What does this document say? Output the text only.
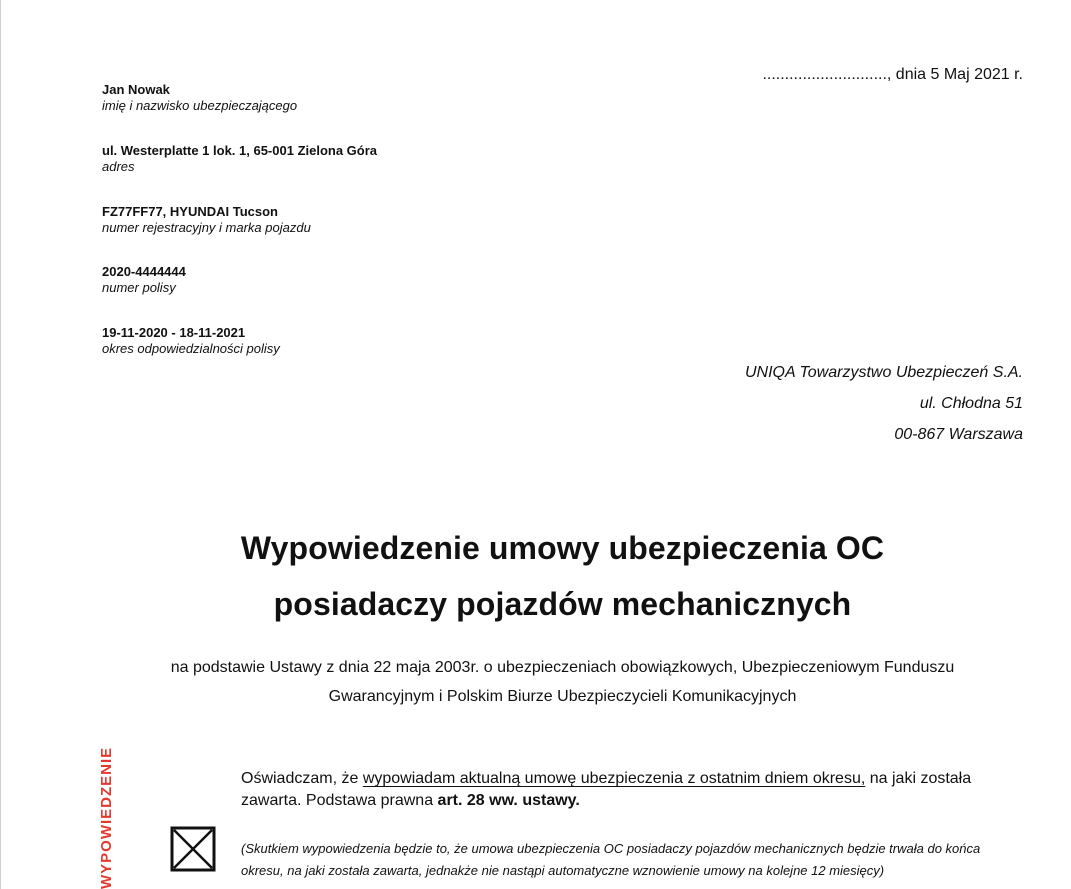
............................, dnia 5 Maj 2021 r.
Jan Nowak
imię i nazwisko ubezpieczającego
ul. Westerplatte 1 lok. 1, 65-001 Zielona Góra
adres
FZ77FF77, HYUNDAI Tucson
numer rejestracyjny i marka pojazdu
2020-4444444
numer polisy
19-11-2020 - 18-11-2021
okres odpowiedzialności polisy
UNIQA Towarzystwo Ubezpieczeń S.A.
ul. Chłodna 51
00-867 Warszawa
Wypowiedzenie umowy ubezpieczenia OC
posiadaczy pojazdów mechanicznych
na podstawie Ustawy z dnia 22 maja 2003r. o ubezpieczeniach obowiązkowych, Ubezpieczeniowym Funduszu
Gwarancyjnym i Polskim Biurze Ubezpieczycieli Komunikacyjnych
Oświadczam, że wypowiadam aktualną umowę ubezpieczenia z ostatnim dniem okresu, na jaki została zawarta. Podstawa prawna art. 28 ww. ustawy.
(Skutkiem wypowiedzenia będzie to, że umowa ubezpieczenia OC posiadaczy pojazdów mechanicznych będzie trwała do końca okresu, na jaki została zawarta, jednakże nie nastąpi automatyczne wznowienie umowy na kolejne 12 miesięcy)
WYPOWIEDZENIE
